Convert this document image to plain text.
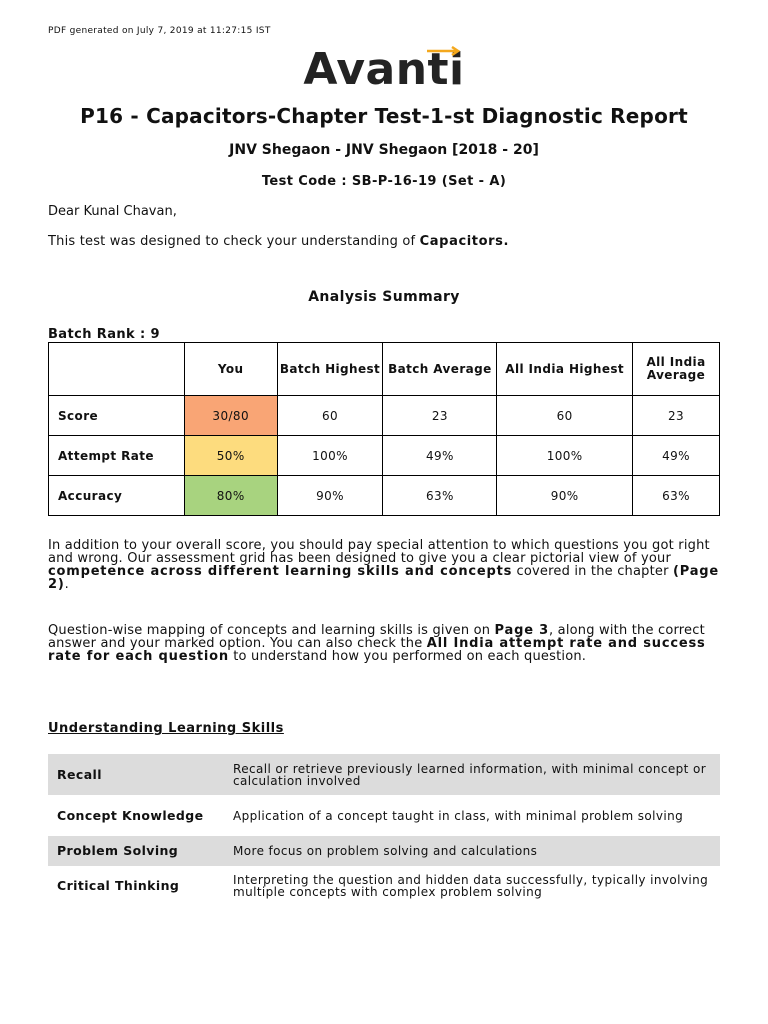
PDF generated on July 7, 2019 at 11:27:15 IST
Avanti
P16 - Capacitors-Chapter Test-1-st Diagnostic Report
JNV Shegaon - JNV Shegaon [2018 - 20]
Test Code : SB-P-16-19 (Set - A)
Dear Kunal Chavan,
This test was designed to check your understanding of Capacitors.
Analysis Summary
Batch Rank : 9
	You	Batch Highest	Batch Average	All India Highest	All India Average
Score	30/80	60	23	60	23
Attempt Rate	50%	100%	49%	100%	49%
Accuracy	80%	90%	63%	90%	63%
In addition to your overall score, you should pay special attention to which questions you got right and wrong. Our assessment grid has been designed to give you a clear pictorial view of your competence across different learning skills and concepts covered in the chapter (Page 2).
Question-wise mapping of concepts and learning skills is given on Page 3, along with the correct answer and your marked option. You can also check the All India attempt rate and success rate for each question to understand how you performed on each question.
Understanding Learning Skills
Recall	Recall or retrieve previously learned information, with minimal concept or calculation involved
Concept Knowledge	Application of a concept taught in class, with minimal problem solving
Problem Solving	More focus on problem solving and calculations
Critical Thinking	Interpreting the question and hidden data successfully, typically involving multiple concepts with complex problem solving
